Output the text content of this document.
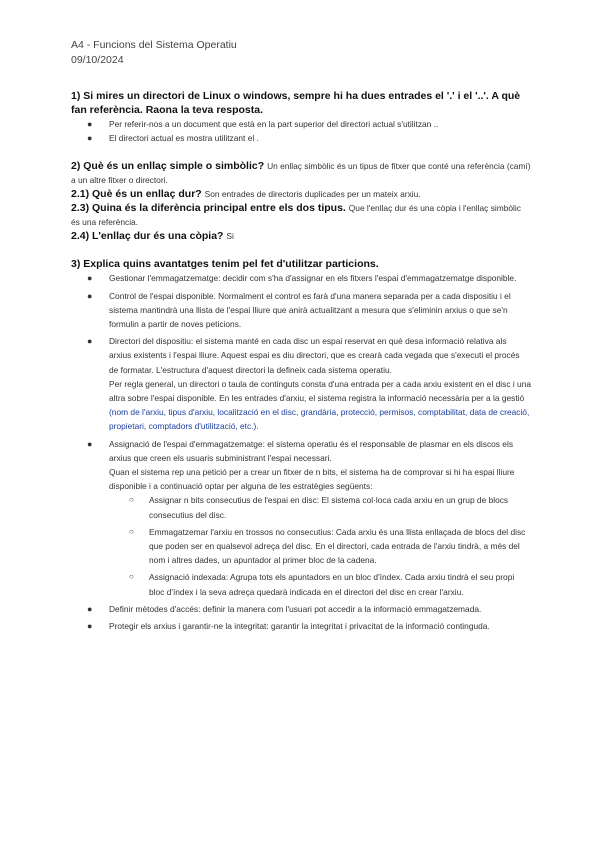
A4 - Funcions del Sistema Operatiu
09/10/2024

1) Si mires un directori de Linux o windows, sempre hi ha dues entrades el '.' i el '..'. A què fan referència. Raona la teva resposta.

● Per referir-nos a un document que està en la part superior del directori actual s'utilitzan ..
● El directori actual es mostra utilitzant el .

2) Què és un enllaç simple o simbòlic? Un enllaç simbòlic és un tipus de fitxer que conté una referència (camí) a un altre fitxer o directori.

2.1) Què és un enllaç dur? Son entrades de directoris duplicades per un mateix arxiu.

2.3) Quina és la diferència principal entre els dos tipus. Que l'enllaç dur és una còpia i l'enllaç simbòlic és una referència.

2.4) L'enllaç dur és una còpia? Si

3) Explica quins avantatges tenim pel fet d'utilitzar particions.

● Gestionar l'emmagatzematge: decidir com s'ha d'assignar en els fitxers l'espai d'emmagatzematge disponible.
● Control de l'espai disponible. Normalment el control es farà d'una manera separada per a cada dispositiu i el sistema mantindrà una llista de l'espai lliure que anirà actualitzant a mesura que s'eliminin arxius o que se'n formulin a partir de noves peticions.
● Directori del dispositiu: el sistema manté en cada disc un espai reservat en què desa informació relativa als arxius existents i l'espai lliure. Aquest espai es diu directori, que es crearà cada vegada que s'executi el procés de formatar. L'estructura d'aquest directori la defineix cada sistema operatiu.
Per regla general, un directori o taula de continguts consta d'una entrada per a cada arxiu existent en el disc i una altra sobre l'espai disponible. En les entrades d'arxiu, el sistema registra la informació necessària per a la gestió (nom de l'arxiu, tipus d'arxiu, localització en el disc, grandària, protecció, permisos, comptabilitat, data de creació, propietari, comptadors d'utilització, etc.).
● Assignació de l'espai d'emmagatzematge: el sistema operatiu és el responsable de plasmar en els discos els arxius que creen els usuaris subministrant l'espai necessari.
Quan el sistema rep una petició per a crear un fitxer de n bits, el sistema ha de comprovar si hi ha espai lliure disponible i a continuació optar per alguna de les estratègies següents:
○ Assignar n bits consecutius de l'espai en disc: El sistema col·loca cada arxiu en un grup de blocs consecutius del disc.
○ Emmagatzemar l'arxiu en trossos no consecutius: Cada arxiu és una llista enllaçada de blocs del disc que poden ser en qualsevol adreça del disc. En el directori, cada entrada de l'arxiu tindrà, a més del nom i altres dades, un apuntador al primer bloc de la cadena.
○ Assignació indexada: Agrupa tots els apuntadors en un bloc d'índex. Cada arxiu tindrà el seu propi bloc d'índex i la seva adreça quedarà indicada en el directori del disc en crear l'arxiu.
● Definir mètodes d'accés: definir la manera com l'usuari pot accedir a la informació emmagatzemada.
● Protegir els arxius i garantir-ne la integritat: garantir la integritat i privacitat de la informació continguda.
